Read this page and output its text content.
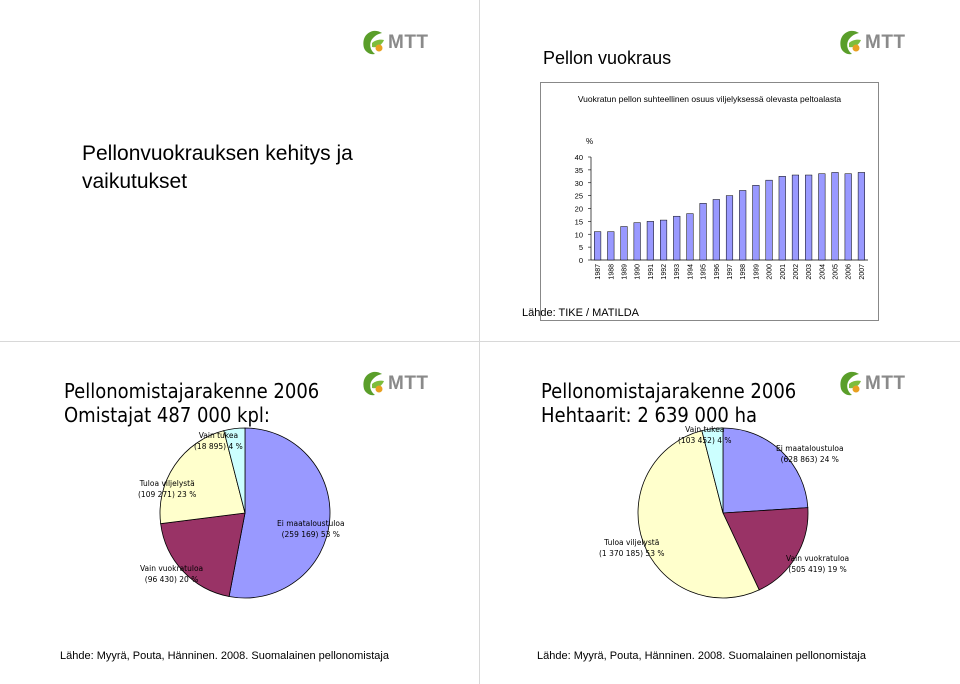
MTT
Pellonvuokrauksen kehitys ja vaikutukset
MTT
Pellon vuokraus
Vuokratun pellon suhteellinen osuus viljelyksessä olevasta peltoalasta
%
0
5
10
15
20
25
30
35
40
1987 1988 1989 1990 1991 1992 1993 1994 1995 1996 1997 1998 1999 2000 2001 2002 2003 2004 2005 2006 2007
Lähde: TIKE / MATILDA
MTT
Pellonomistajarakenne 2006
Omistajat 487 000 kpl:
Vain tukea
(18 895) 4 %
Tuloa viljelystä
(109 271) 23 %
Ei maataloustuloa
(259 169) 53 %
Vain vuokratuloa
(96 430) 20 %
Lähde: Myyrä, Pouta, Hänninen. 2008. Suomalainen pellonomistaja
MTT
Pellonomistajarakenne 2006
Hehtaarit: 2 639 000 ha
Vain tukea
(103 452) 4 %
Ei maataloustuloa
(628 863) 24 %
Tuloa viljelystä
(1 370 185) 53 %
Vain vuokratuloa
(505 419) 19 %
Lähde: Myyrä, Pouta, Hänninen. 2008. Suomalainen pellonomistaja
